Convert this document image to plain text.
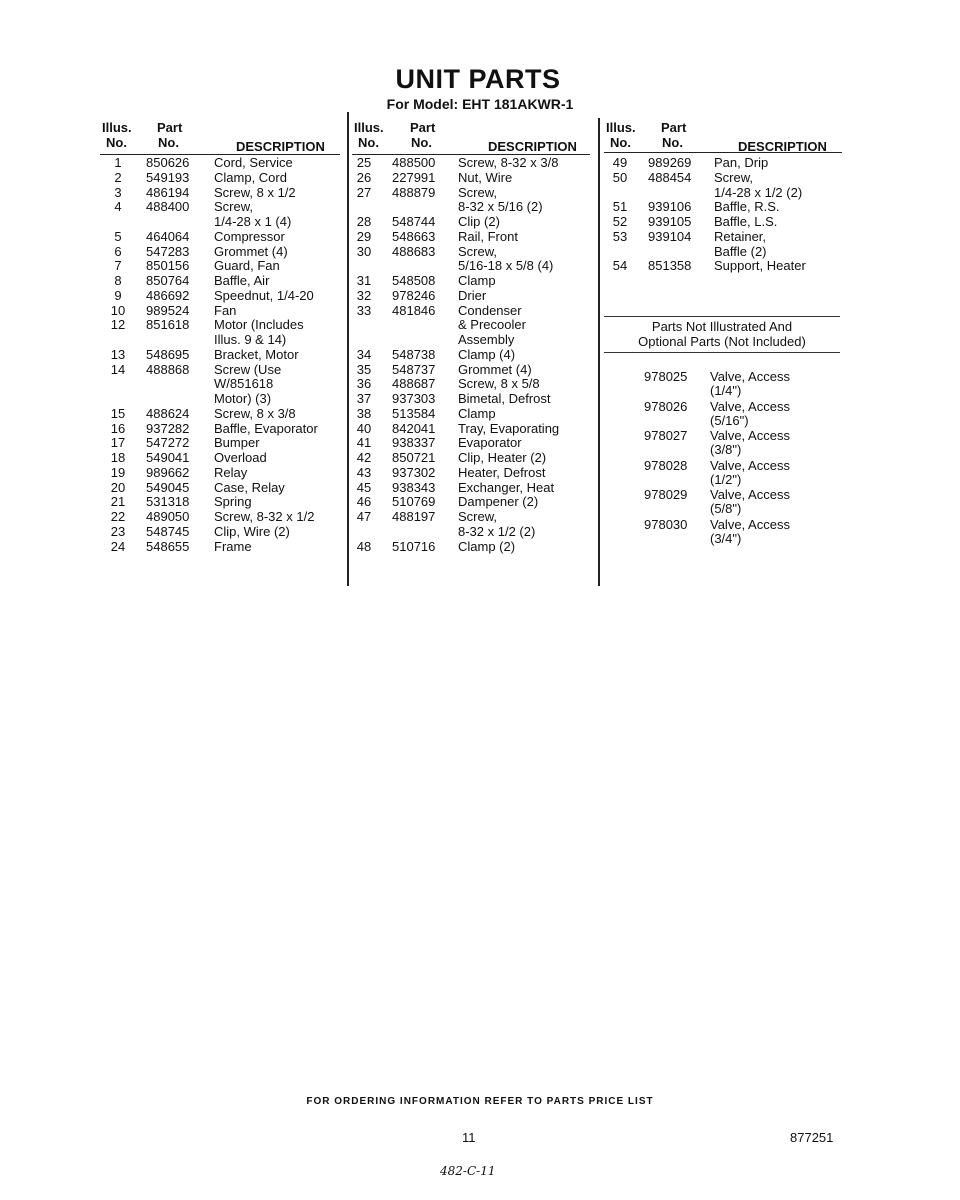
UNIT PARTS
For Model: EHT 181AKWR-1
Illus.
No.
Part
No.	DESCRIPTION
1	850626 Cord, Service
2	549193 Clamp, Cord
3	486194 Screw, 8 x 1/2
4	488400 Screw,
1/4-28 x 1 (4)
5	464064 Compressor
6	547283 Grommet (4)
7	850156 Guard, Fan
8	850764 Baffle, Air
9	486692 Speednut, 1/4-20
10	989524 Fan
12	851618 Motor (Includes
Illus. 9 & 14)
13	548695 Bracket, Motor
14	488868 Screw (Use
W/851618
Motor) (3)
15	488624 Screw, 8 x 3/8
16	937282 Baffle, Evaporator
17	547272 Bumper
18	549041 Overload
19	989662 Relay
20	549045 Case, Relay
21	531318 Spring
22	489050 Screw, 8-32 x 1/2
23	548745 Clip, Wire (2)
24	548655 Frame
Illus.
No.
Part
No.	DESCRIPTION
25	488500 Screw, 8-32 x 3/8
26	227991 Nut, Wire
27	488879 Screw,
8-32 x 5/16 (2)
28	548744 Clip (2)
29	548663 Rail, Front
30	488683 Screw,
5/16-18 x 5/8 (4)
31	548508 Clamp
32	978246 Drier
33	481846 Condenser
& Precooler
Assembly
34	548738 Clamp (4)
35	548737 Grommet (4)
36	488687 Screw, 8 x 5/8
37	937303 Bimetal, Defrost
38	513584 Clamp
40	842041 Tray, Evaporating
41	938337 Evaporator
42	850721 Clip, Heater (2)
43	937302 Heater, Defrost
45	938343 Exchanger, Heat
46	510769 Dampener (2)
47	488197 Screw,
8-32 x 1/2 (2)
48	510716 Clamp (2)
Illus.
No.
Part
No.	DESCRIPTION
49	989269 Pan, Drip
50	488454 Screw,
1/4-28 x 1/2 (2)
51	939106 Baffle, R.S.
52	939105 Baffle, L.S.
53	939104 Retainer,
Baffle (2)
54	851358 Support, Heater
Parts Not Illustrated And
Optional Parts (Not Included)
978025 Valve, Access
(1/4")
978026 Valve, Access
(5/16")
978027 Valve, Access
(3/8")
978028 Valve, Access
(1/2")
978029 Valve, Access
(5/8")
978030 Valve, Access
(3/4")
FOR ORDERING INFORMATION REFER TO PARTS PRICE LIST
11	877251
482-C-11
